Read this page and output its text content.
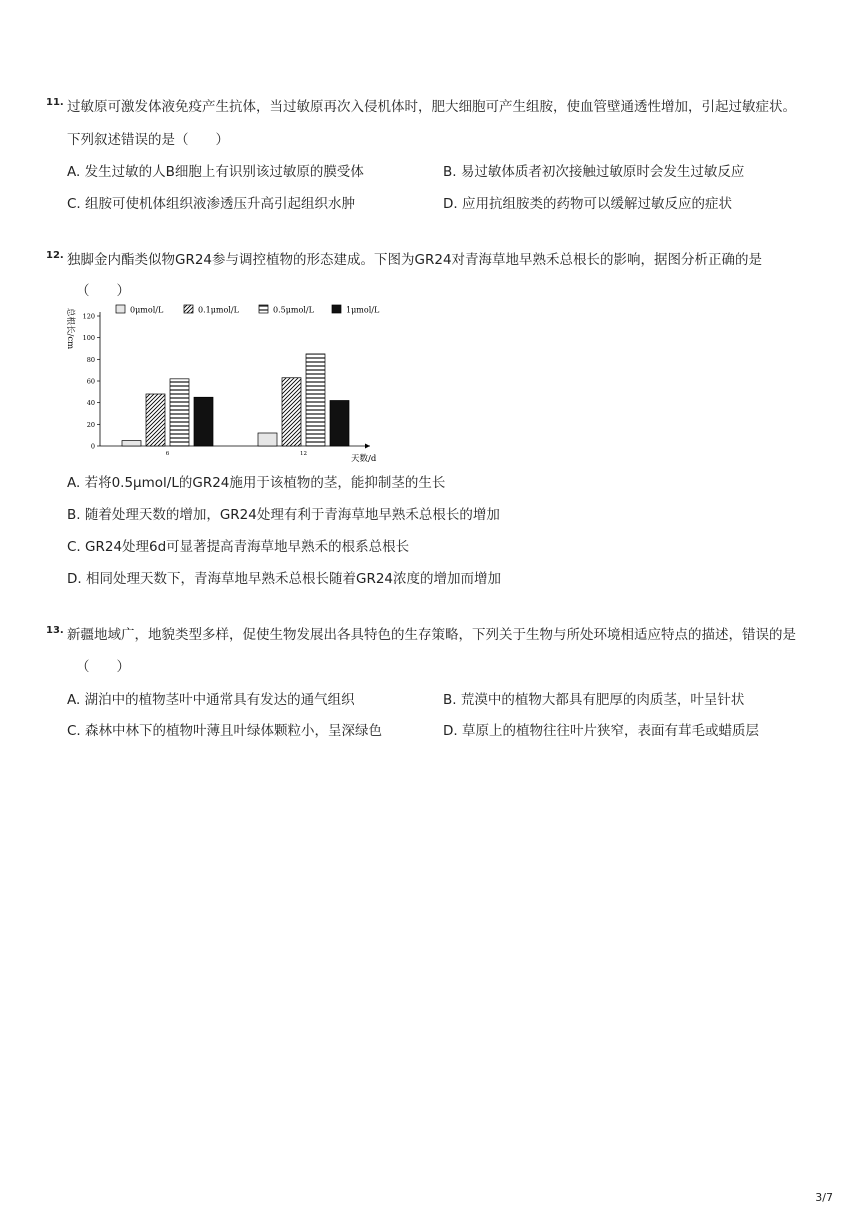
11. 过敏原可激发体液免疫产生抗体，当过敏原再次入侵机体时，肥大细胞可产生组胺，使血管壁通透性增加，引起过敏症状。
下列叙述错误的是（　　）
A. 发生过敏的人B细胞上有识别该过敏原的膜受体	B. 易过敏体质者初次接触过敏原时会发生过敏反应
C. 组胺可使机体组织液渗透压升高引起组织水肿	D. 应用抗组胺类的药物可以缓解过敏反应的症状
12. 独脚金内酯类似物GR24参与调控植物的形态建成。下图为GR24对青海草地早熟禾总根长的影响，据图分析正确的是
（　　）
0μmol/L	0.1μmol/L	0.5μmol/L	1μmol/L
0
20
40
60
80
100
120
6	12
总根长/cm
天数/d
A. 若将0.5μmol/L的GR24施用于该植物的茎，能抑制茎的生长
B. 随着处理天数的增加，GR24处理有利于青海草地早熟禾总根长的增加
C. GR24处理6d可显著提高青海草地早熟禾的根系总根长
D. 相同处理天数下，青海草地早熟禾总根长随着GR24浓度的增加而增加
13. 新疆地域广，地貌类型多样，促使生物发展出各具特色的生存策略，下列关于生物与所处环境相适应特点的描述，错误的是
（　　）
A. 湖泊中的植物茎叶中通常具有发达的通气组织	B. 荒漠中的植物大都具有肥厚的肉质茎，叶呈针状
C. 森林中林下的植物叶薄且叶绿体颗粒小，呈深绿色	D. 草原上的植物往往叶片狭窄，表面有茸毛或蜡质层
3/7
